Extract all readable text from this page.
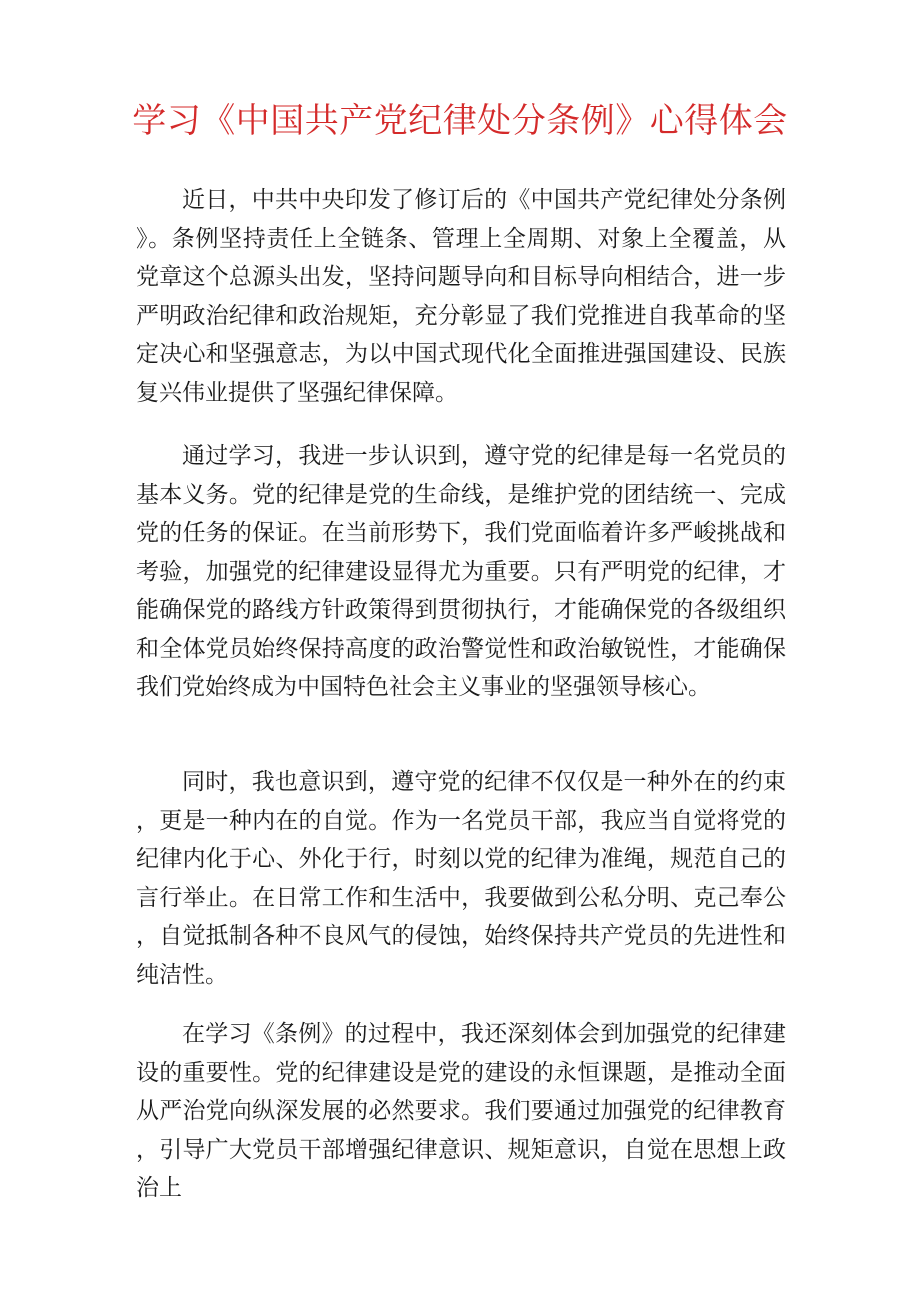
学习《中国共产党纪律处分条例》心得体会

近日，中共中央印发了修订后的《中国共产党纪律处分条例》。条例坚持责任上全链条、管理上全周期、对象上全覆盖，从党章这个总源头出发，坚持问题导向和目标导向相结合，进一步严明政治纪律和政治规矩，充分彰显了我们党推进自我革命的坚定决心和坚强意志，为以中国式现代化全面推进强国建设、民族复兴伟业提供了坚强纪律保障。

通过学习，我进一步认识到，遵守党的纪律是每一名党员的基本义务。党的纪律是党的生命线，是维护党的团结统一、完成党的任务的保证。在当前形势下，我们党面临着许多严峻挑战和考验，加强党的纪律建设显得尤为重要。只有严明党的纪律，才能确保党的路线方针政策得到贯彻执行，才能确保党的各级组织和全体党员始终保持高度的政治警觉性和政治敏锐性，才能确保我们党始终成为中国特色社会主义事业的坚强领导核心。

同时，我也意识到，遵守党的纪律不仅仅是一种外在的约束，更是一种内在的自觉。作为一名党员干部，我应当自觉将党的纪律内化于心、外化于行，时刻以党的纪律为准绳，规范自己的言行举止。在日常工作和生活中，我要做到公私分明、克己奉公，自觉抵制各种不良风气的侵蚀，始终保持共产党员的先进性和纯洁性。

在学习《条例》的过程中，我还深刻体会到加强党的纪律建设的重要性。党的纪律建设是党的建设的永恒课题，是推动全面从严治党向纵深发展的必然要求。我们要通过加强党的纪律教育，引导广大党员干部增强纪律意识、规矩意识，自觉在思想上政治上
